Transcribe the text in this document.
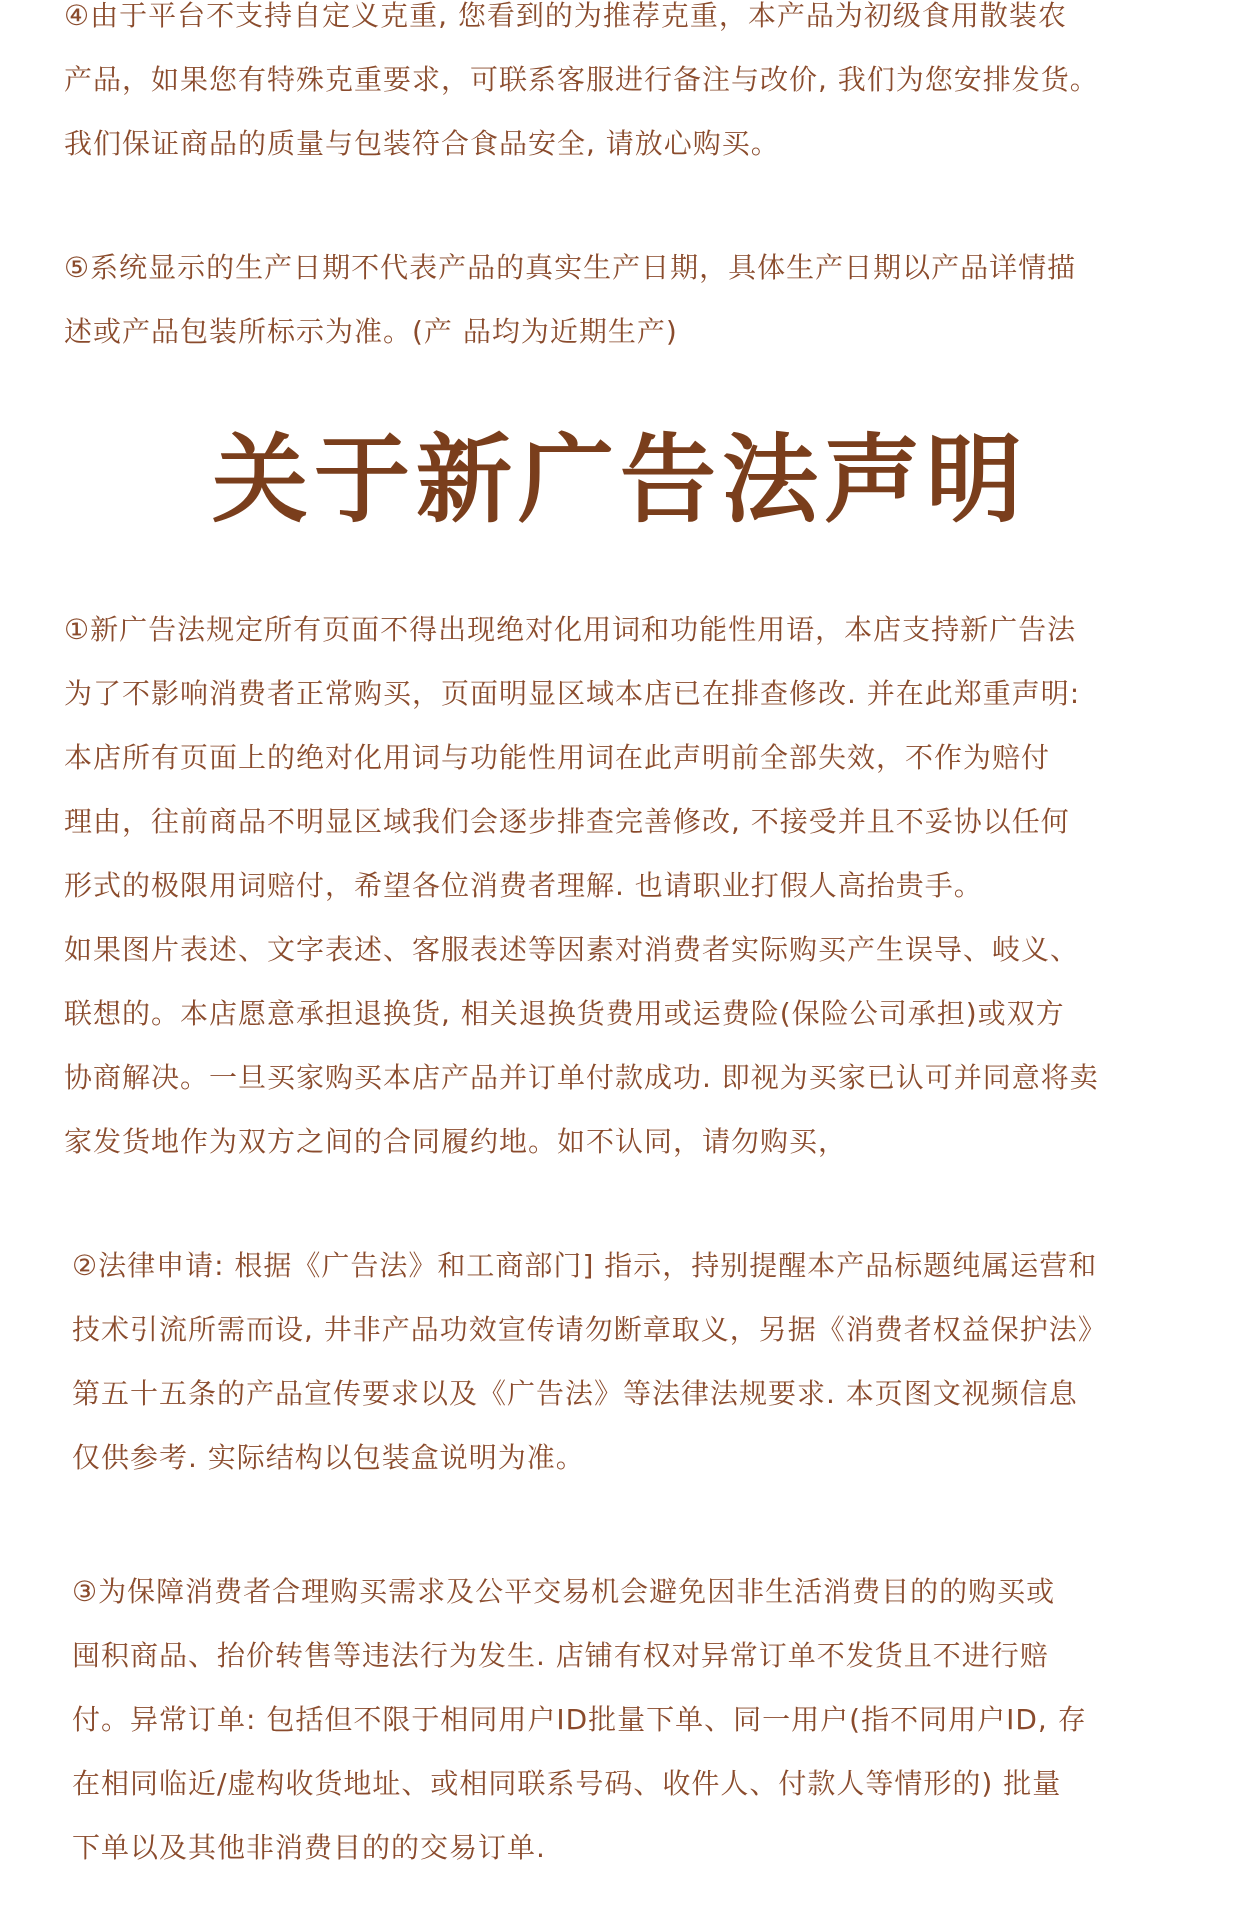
④由于平台不支持自定义克重, 您看到的为推荐克重，本产品为初级食用散装农
产品，如果您有特殊克重要求，可联系客服进行备注与改价, 我们为您安排发货。
我们保证商品的质量与包装符合食品安全, 请放心购买。
⑤系统显示的生产日期不代表产品的真实生产日期，具体生产日期以产品详情描
述或产品包装所标示为准。(产 品均为近期生产)
关于新广告法声明
①新广告法规定所有页面不得出现绝对化用词和功能性用语，本店支持新广告法
为了不影响消费者正常购买，页面明显区域本店已在排查修改. 并在此郑重声明:
本店所有页面上的绝对化用词与功能性用词在此声明前全部失效，不作为赔付
理由，往前商品不明显区域我们会逐步排查完善修改, 不接受并且不妥协以任何
形式的极限用词赔付，希望各位消费者理解. 也请职业打假人高抬贵手。
如果图片表述、文字表述、客服表述等因素对消费者实际购买产生误导、岐义、
联想的。本店愿意承担退换货, 相关退换货费用或运费险(保险公司承担)或双方
协商解决。一旦买家购买本店产品并订单付款成功. 即视为买家已认可并同意将卖
家发货地作为双方之间的合同履约地。如不认同，请勿购买，
②法律申请: 根据《广告法》和工商部门] 指示，持别提醒本产品标题纯属运营和
技术引流所需而设, 井非产品功效宣传请勿断章取义，另据《消费者权益保护法》
第五十五条的产品宣传要求以及《广告法》等法律法规要求. 本页图文视频信息
仅供参考. 实际结构以包装盒说明为准。
③为保障消费者合理购买需求及公平交易机会避免因非生活消费目的的购买或
囤积商品、抬价转售等违法行为发生. 店铺有权对异常订单不发货且不进行赔
付。异常订单: 包括但不限于相同用户ID批量下单、同一用户(指不同用户ID, 存
在相同临近/虚构收货地址、或相同联系号码、收件人、付款人等情形的) 批量
下单以及其他非消费目的的交易订单.
